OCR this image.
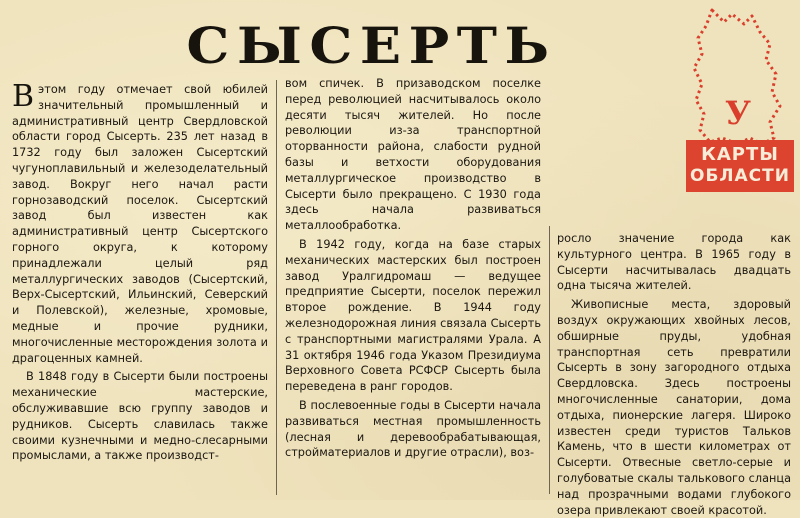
СЫСЕРТЬ
У
КАРТЫ
ОБЛАСТИ

Вэтом году отмечает свой юбилей значительный промышленный и административный центр Свердловской области город Сысерть. 235 лет назад в 1732 году был заложен Сысертский чугуноплавильный и железоделательный завод. Вокруг него начал расти горнозаводский поселок. Сысертский завод был известен как административный центр Сысертского горного округа, к которому принадлежали целый ряд металлургических заводов (Сысертский, Верх-Сысертский, Ильинский, Северский и Полевской), железные, хромовые, медные и прочие рудники, многочисленные месторождения золота и драгоценных камней.

В 1848 году в Сысерти были построены механические мастерские, обслуживавшие всю группу заводов и рудников. Сысерть славилась также своими кузнечными и медно-слесарными промыслами, а также производст-

вом спичек. В призаводском поселке перед революцией насчитывалось около десяти тысяч жителей. Но после революции из-за транспортной оторванности района, слабости рудной базы и ветхости оборудования металлургическое производство в Сысерти было прекращено. С 1930 года здесь начала развиваться металлообработка.

В 1942 году, когда на базе старых механических мастерских был построен завод Уралгидромаш — ведущее предприятие Сысерти, поселок пережил второе рождение. В 1944 году железнодорожная линия связала Сысерть с транспортными магистралями Урала. А 31 октября 1946 года Указом Президиума Верховного Совета РСФСР Сысерть была переведена в ранг городов.

В послевоенные годы в Сысерти начала развиваться местная промышленность (лесная и деревообрабатывающая, стройматериалов и другие отрасли), воз-

росло значение города как культурного центра. В 1965 году в Сысерти насчитывалась двадцать одна тысяча жителей.

Живописные места, здоровый воздух окружающих хвойных лесов, обширные пруды, удобная транспортная сеть превратили Сысерть в зону загородного отдыха Свердловска. Здесь построены многочисленные санатории, дома отдыха, пионерские лагеря. Широко известен среди туристов Тальков Камень, что в шести километрах от Сысерти. Отвесные светло-серые и голубоватые скалы талькового сланца над прозрачными водами глубокого озера привлекают своей красотой.
